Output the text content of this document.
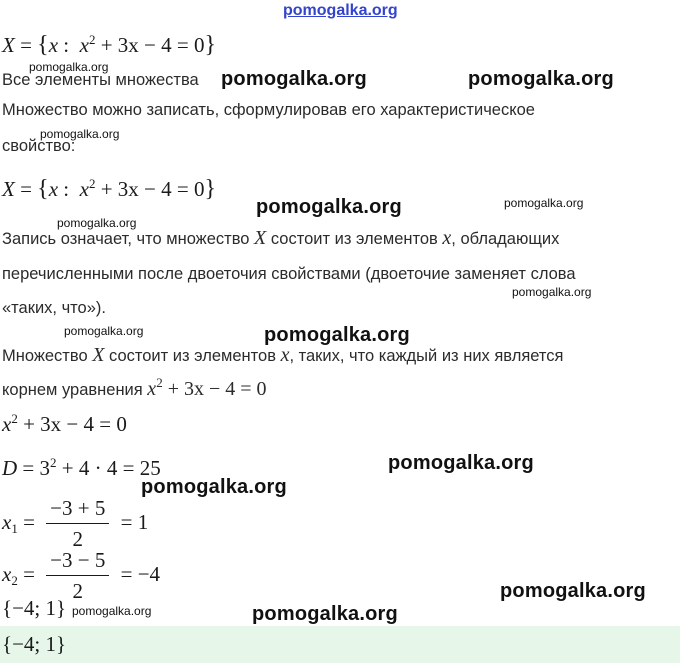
pomogalka.org
X = {x :  $x^2 + 3x - 4 = 0$}
pomogalka.org
Все элементы множества pomogalka.org	pomogalka.org
Множество можно записать, сформулировав его характеристическое
pomogalka.org
свойство:
X = {x :  $x^2 + 3x - 4 = 0$}
pomogalka.org	pomogalka.org
pomogalka.org
Запись означает, что множество X состоит из элементов x, обладающих
перечисленными после двоеточия свойствами (двоеточие заменяет слова
pomogalka.org
«таких, что»).
pomogalka.org	pomogalka.org
Множество X состоит из элементов x, таких, что каждый из них является
корнем уравнения $x^2 + 3x - 4 = 0$
$x^2 + 3x - 4 = 0$
$D = 3^2 + 4 \cdot 4 = 25$	pomogalka.org
pomogalka.org
$x_1 = \frac{-3 + 5}{2} = 1$
$x_2 = \frac{-3 - 5}{2} = -4$
pomogalka.org
{−4; 1} pomogalka.org	pomogalka.org
{−4; 1}
